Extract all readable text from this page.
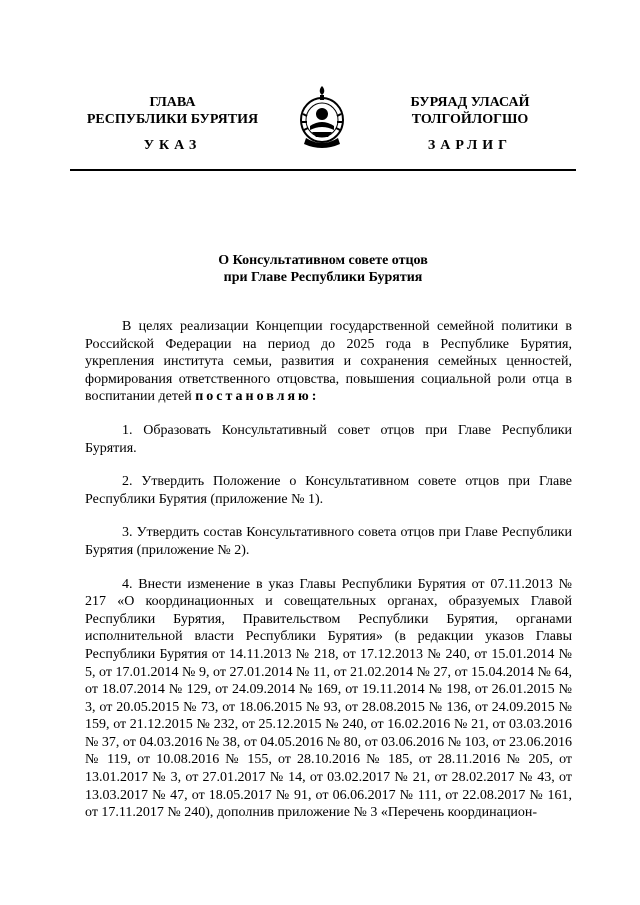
ГЛАВА
РЕСПУБЛИКИ БУРЯТИЯ
БУРЯАД УЛАСАЙ
ТОЛГОЙЛОГШО
УКАЗ	ЗАРЛИГ
О Консультативном совете отцов
при Главе Республики Бурятия

В целях реализации Концепции государственной семейной политики в Российской Федерации на период до 2025 года в Республике Бурятия, укрепления института семьи, развития и сохранения семейных ценностей, формирования ответственного отцовства, повышения социальной роли отца в воспитании детей постановляю:

1. Образовать Консультативный совет отцов при Главе Республики Бурятия.

2. Утвердить Положение о Консультативном совете отцов при Главе Республики Бурятия (приложение № 1).

3. Утвердить состав Консультативного совета отцов при Главе Республики Бурятия (приложение № 2).

4. Внести изменение в указ Главы Республики Бурятия от 07.11.2013 № 217 «О координационных и совещательных органах, образуемых Главой Республики Бурятия, Правительством Республики Бурятия, органами исполнительной власти Республики Бурятия» (в редакции указов Главы Республики Бурятия от 14.11.2013 № 218, от 17.12.2013 № 240, от 15.01.2014 № 5, от 17.01.2014 № 9, от 27.01.2014 № 11, от 21.02.2014 № 27, от 15.04.2014 № 64, от 18.07.2014 № 129, от 24.09.2014 № 169, от 19.11.2014 № 198, от 26.01.2015 № 3, от 20.05.2015 № 73, от 18.06.2015 № 93, от 28.08.2015 № 136, от 24.09.2015 № 159, от 21.12.2015 № 232, от 25.12.2015 № 240, от 16.02.2016 № 21, от 03.03.2016 № 37, от 04.03.2016 № 38, от 04.05.2016 № 80, от 03.06.2016 № 103, от 23.06.2016 № 119, от 10.08.2016 № 155, от 28.10.2016 № 185, от 28.11.2016 № 205, от 13.01.2017 № 3, от 27.01.2017 № 14, от 03.02.2017 № 21, от 28.02.2017 № 43, от 13.03.2017 № 47, от 18.05.2017 № 91, от 06.06.2017 № 111, от 22.08.2017 № 161, от 17.11.2017 № 240), дополнив приложение № 3 «Перечень координацион-
